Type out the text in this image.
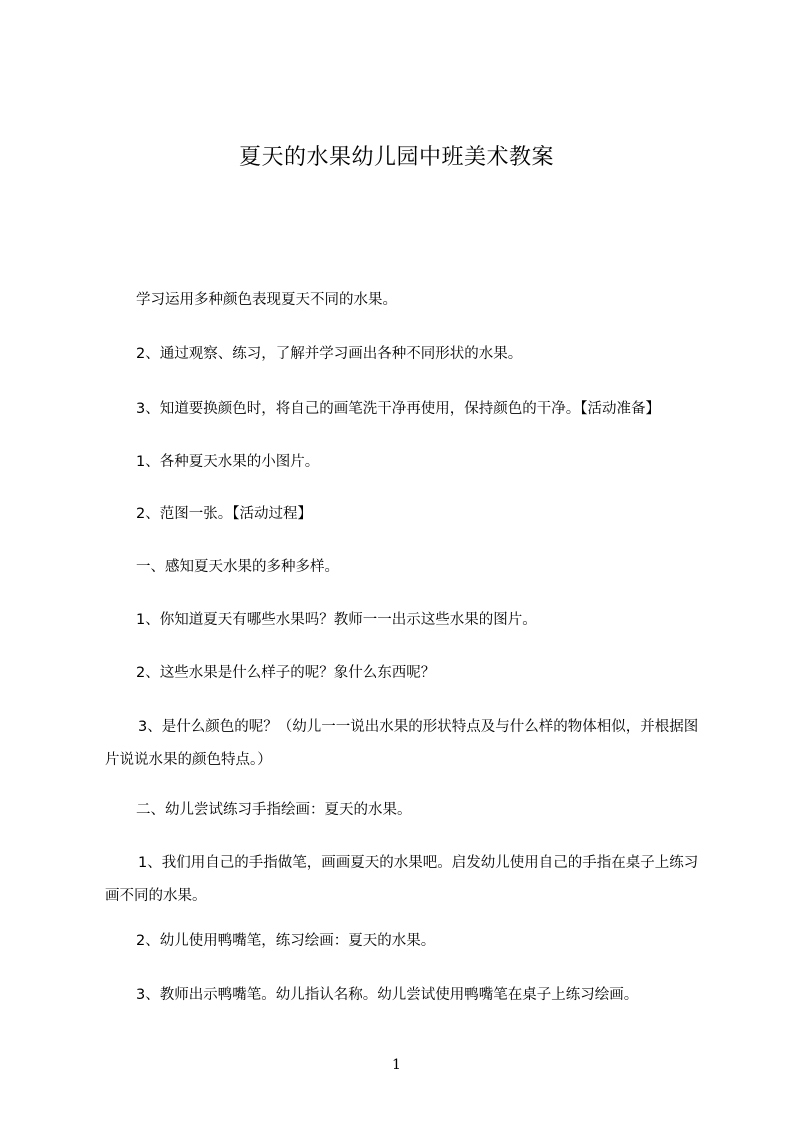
夏天的水果幼儿园中班美术教案
学习运用多种颜色表现夏天不同的水果。
2、通过观察、练习，了解并学习画出各种不同形状的水果。
3、知道要换颜色时，将自己的画笔洗干净再使用，保持颜色的干净。【活动准备】
1、各种夏天水果的小图片。
2、范图一张。【活动过程】
一、感知夏天水果的多种多样。
1、你知道夏天有哪些水果吗？教师一一出示这些水果的图片。
2、这些水果是什么样子的呢？象什么东西呢？
3、是什么颜色的呢？（幼儿一一说出水果的形状特点及与什么样的物体相似，并根据图片说说水果的颜色特点。）
二、幼儿尝试练习手指绘画：夏天的水果。
1、我们用自己的手指做笔，画画夏天的水果吧。启发幼儿使用自己的手指在桌子上练习画不同的水果。
2、幼儿使用鸭嘴笔，练习绘画：夏天的水果。
3、教师出示鸭嘴笔。幼儿指认名称。幼儿尝试使用鸭嘴笔在桌子上练习绘画。
1
